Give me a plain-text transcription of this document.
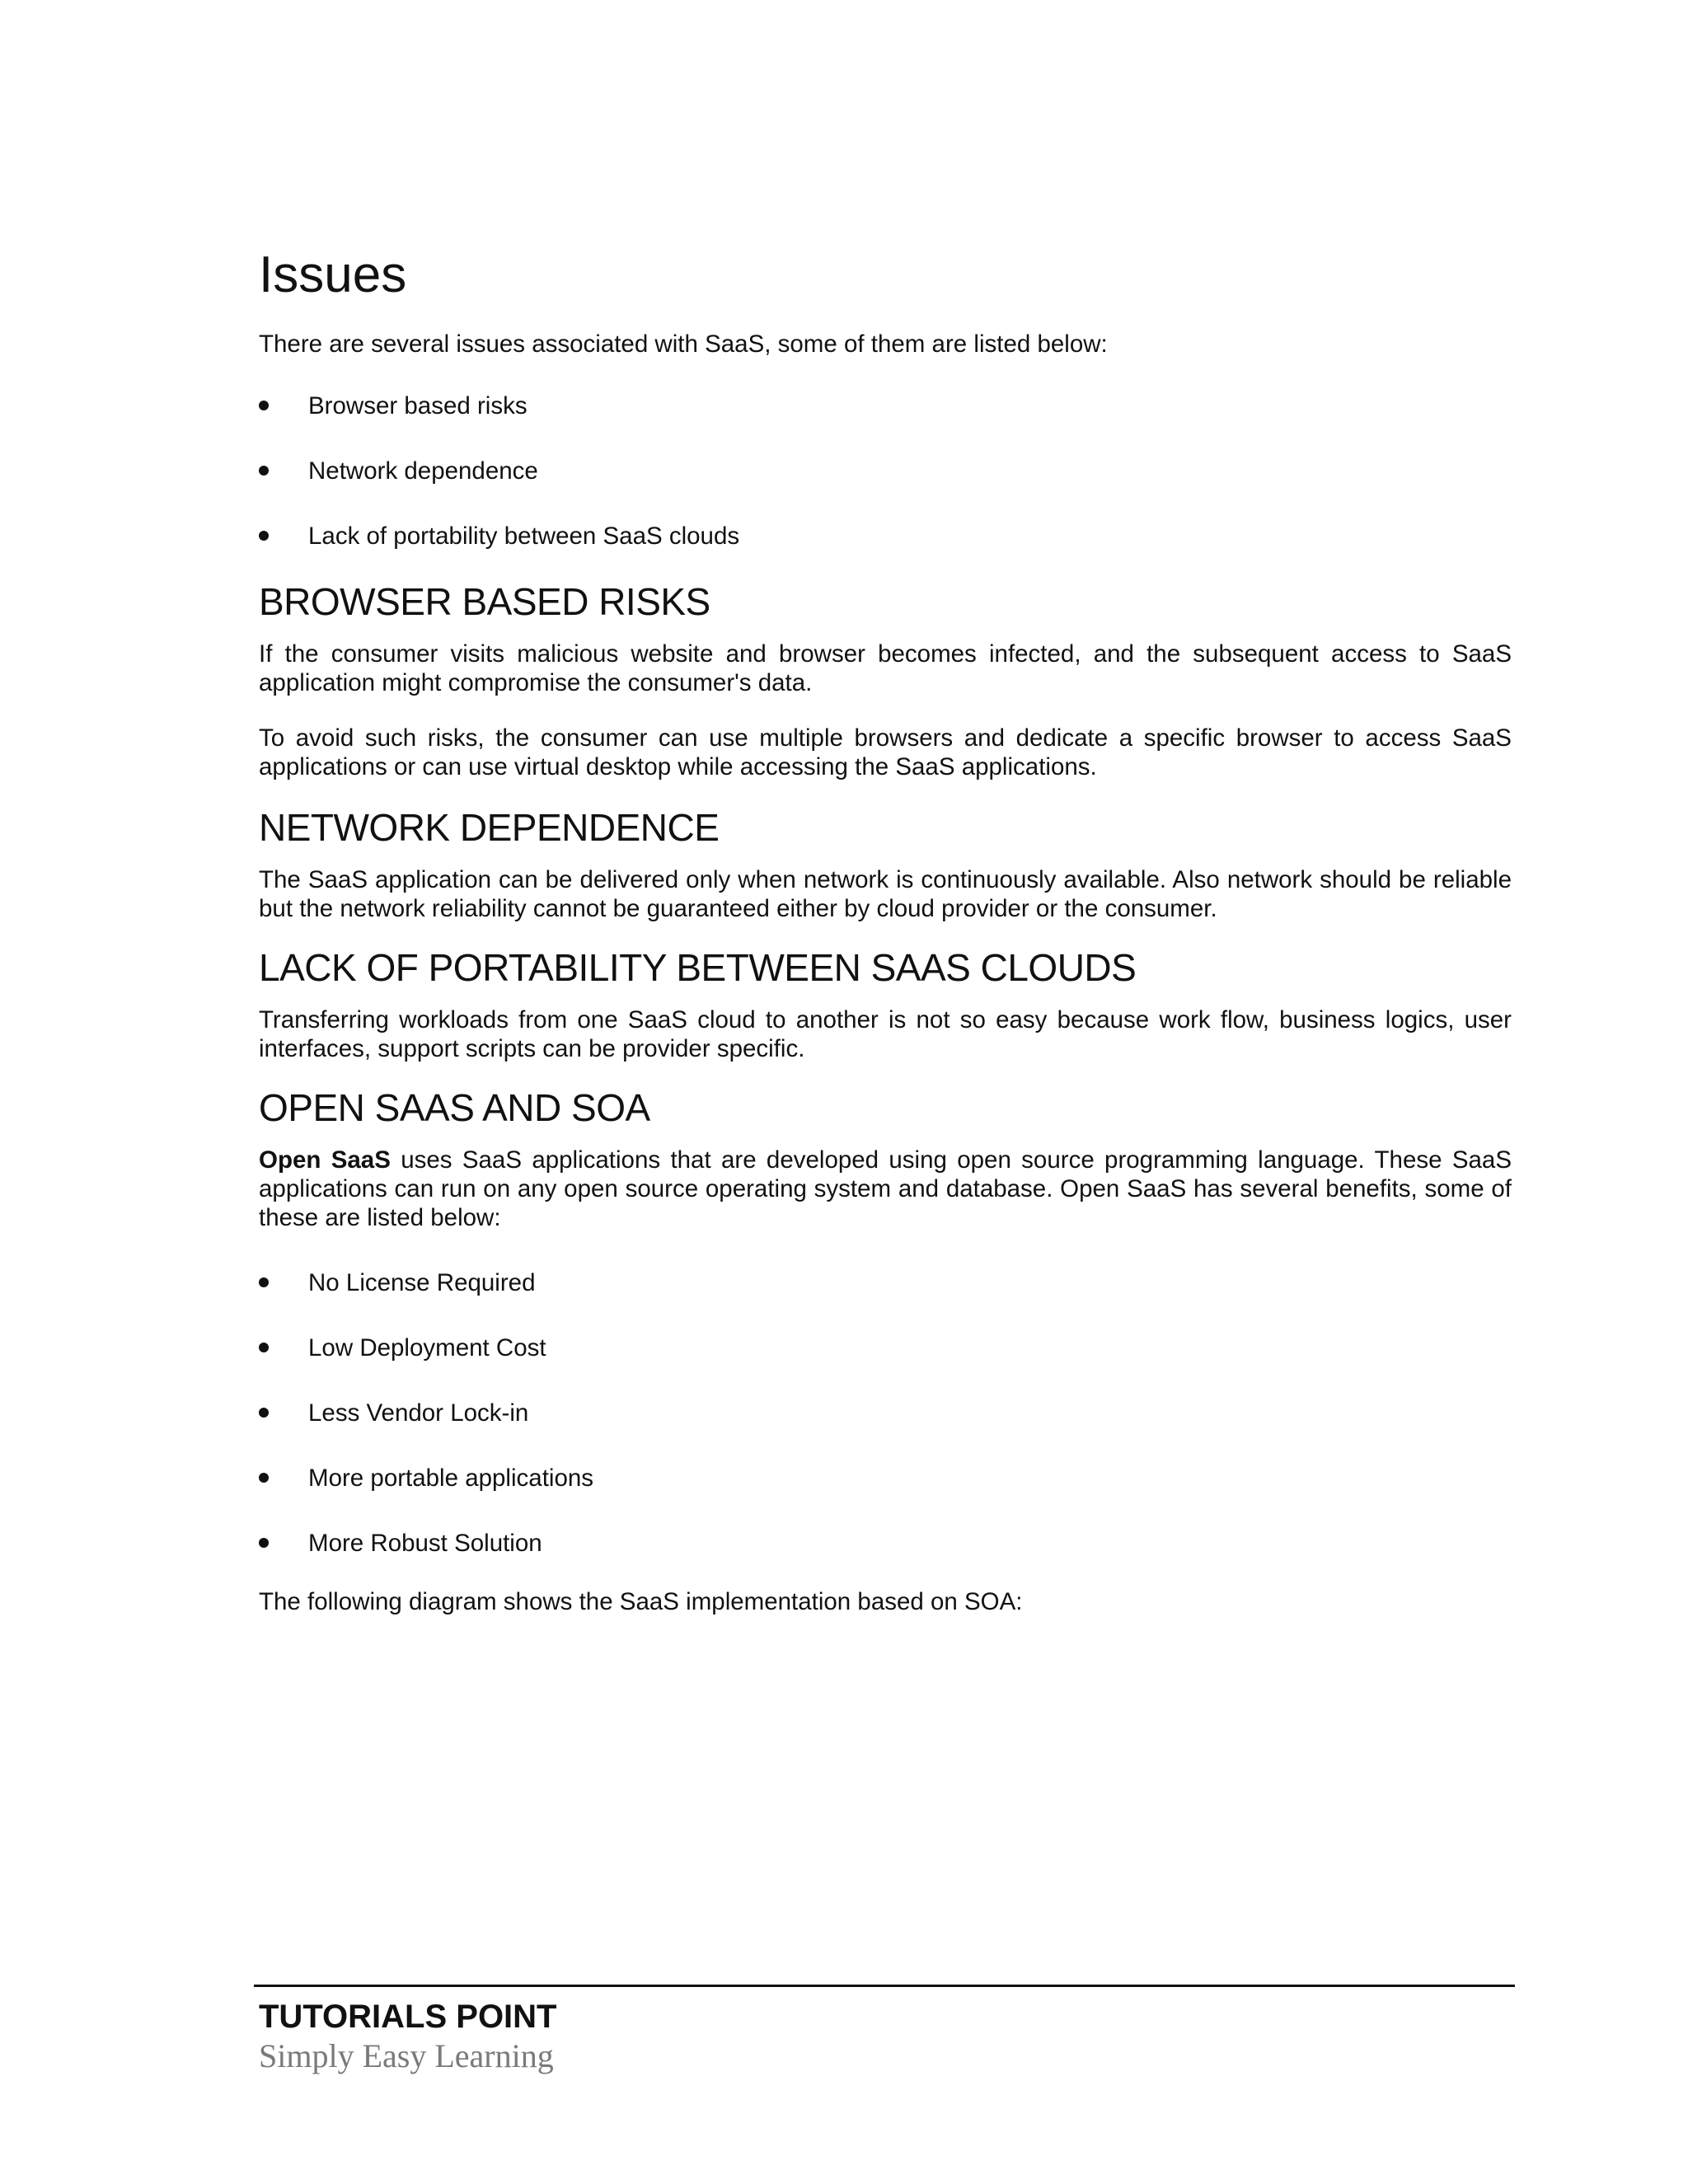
Issues

There are several issues associated with SaaS, some of them are listed below:

Browser based risks
Network dependence
Lack of portability between SaaS clouds
BROWSER BASED RISKS

If the consumer visits malicious website and browser becomes infected, and the subsequent access to SaaS application might compromise the consumer's data.

To avoid such risks, the consumer can use multiple browsers and dedicate a specific browser to access SaaS applications or can use virtual desktop while accessing the SaaS applications.

NETWORK DEPENDENCE

The SaaS application can be delivered only when network is continuously available. Also network should be reliable but the network reliability cannot be guaranteed either by cloud provider or the consumer.

LACK OF PORTABILITY BETWEEN SAAS CLOUDS

Transferring workloads from one SaaS cloud to another is not so easy because work flow, business logics, user interfaces, support scripts can be provider specific.

OPEN SAAS AND SOA

Open SaaS uses SaaS applications that are developed using open source programming language. These SaaS applications can run on any open source operating system and database. Open SaaS has several benefits, some of these are listed below:

No License Required
Low Deployment Cost
Less Vendor Lock-in
More portable applications
More Robust Solution

The following diagram shows the SaaS implementation based on SOA:

TUTORIALS POINT
Simply Easy Learning
